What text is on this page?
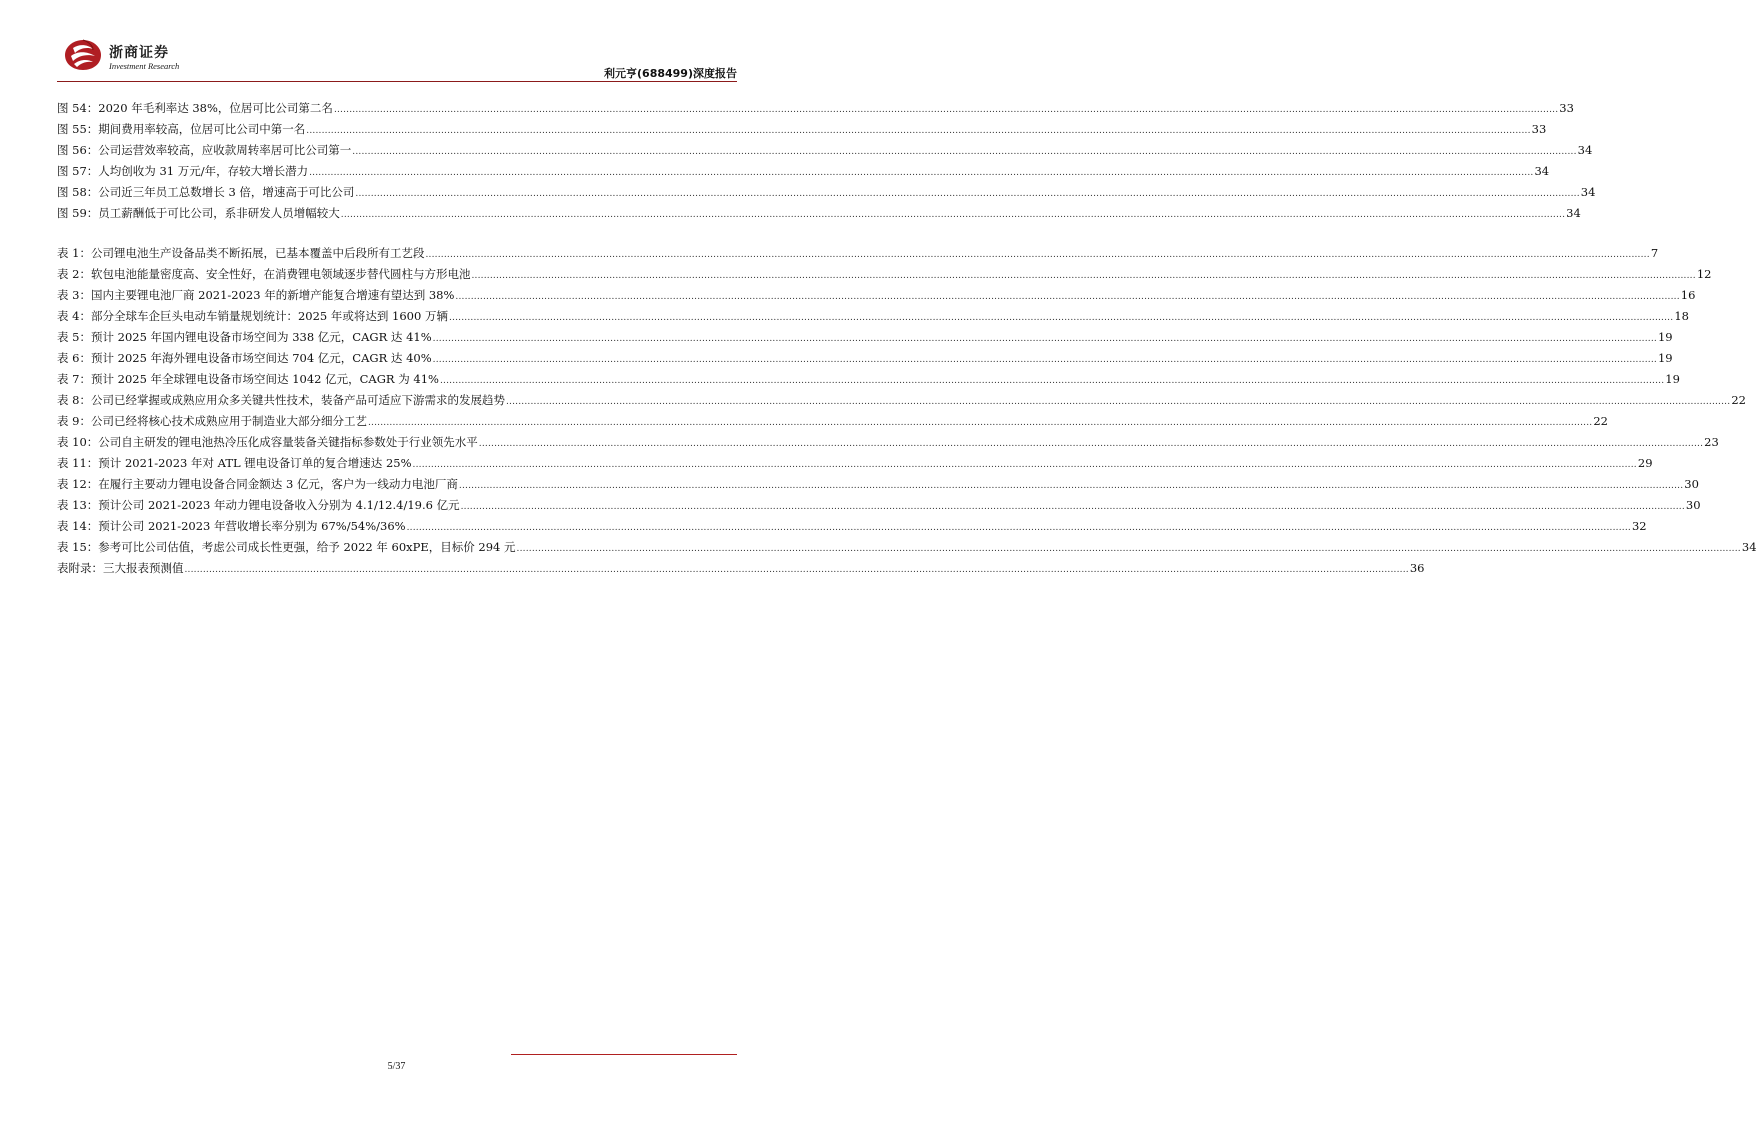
浙商证券
Investment Research
利元亨(688499)深度报告
图 54：2020 年毛利率达 38%，位居可比公司第二名 ................................................................................................................................................................................................................................................................................................................................................................................................................ 33
图 55：期间费用率较高，位居可比公司中第一名 ................................................................................................................................................................................................................................................................................................................................................................................................................ 33
图 56：公司运营效率较高，应收款周转率居可比公司第一 ................................................................................................................................................................................................................................................................................................................................................................................................................ 34
图 57：人均创收为 31 万元/年，存较大增长潜力 ................................................................................................................................................................................................................................................................................................................................................................................................................ 34
图 58：公司近三年员工总数增长 3 倍，增速高于可比公司 ................................................................................................................................................................................................................................................................................................................................................................................................................ 34
图 59：员工薪酬低于可比公司，系非研发人员增幅较大 ................................................................................................................................................................................................................................................................................................................................................................................................................ 34
表 1：公司锂电池生产设备品类不断拓展，已基本覆盖中后段所有工艺段 ................................................................................................................................................................................................................................................................................................................................................................................................................ 7
表 2：软包电池能量密度高、安全性好，在消费锂电领域逐步替代圆柱与方形电池 ................................................................................................................................................................................................................................................................................................................................................................................................................ 12
表 3：国内主要锂电池厂商 2021-2023 年的新增产能复合增速有望达到 38% ................................................................................................................................................................................................................................................................................................................................................................................................................ 16
表 4：部分全球车企巨头电动车销量规划统计：2025 年或将达到 1600 万辆 ................................................................................................................................................................................................................................................................................................................................................................................................................ 18
表 5：预计 2025 年国内锂电设备市场空间为 338 亿元，CAGR 达 41% ................................................................................................................................................................................................................................................................................................................................................................................................................ 19
表 6：预计 2025 年海外锂电设备市场空间达 704 亿元，CAGR 达 40% ................................................................................................................................................................................................................................................................................................................................................................................................................ 19
表 7：预计 2025 年全球锂电设备市场空间达 1042 亿元，CAGR 为 41% ................................................................................................................................................................................................................................................................................................................................................................................................................ 19
表 8：公司已经掌握或成熟应用众多关键共性技术，装备产品可适应下游需求的发展趋势 ................................................................................................................................................................................................................................................................................................................................................................................................................ 22
表 9：公司已经将核心技术成熟应用于制造业大部分细分工艺 ................................................................................................................................................................................................................................................................................................................................................................................................................ 22
表 10：公司自主研发的锂电池热冷压化成容量装备关键指标参数处于行业领先水平 ................................................................................................................................................................................................................................................................................................................................................................................................................ 23
表 11：预计 2021-2023 年对 ATL 锂电设备订单的复合增速达 25% ................................................................................................................................................................................................................................................................................................................................................................................................................ 29
表 12：在履行主要动力锂电设备合同金额达 3 亿元，客户为一线动力电池厂商 ................................................................................................................................................................................................................................................................................................................................................................................................................ 30
表 13：预计公司 2021-2023 年动力锂电设备收入分别为 4.1/12.4/19.6 亿元 ................................................................................................................................................................................................................................................................................................................................................................................................................ 30
表 14：预计公司 2021-2023 年营收增长率分别为 67%/54%/36% ................................................................................................................................................................................................................................................................................................................................................................................................................ 32
表 15：参考可比公司估值，考虑公司成长性更强，给予 2022 年 60xPE，目标价 294 元 ................................................................................................................................................................................................................................................................................................................................................................................................................ 34
表附录：三大报表预测值 ................................................................................................................................................................................................................................................................................................................................................................................................................ 36
5/37
